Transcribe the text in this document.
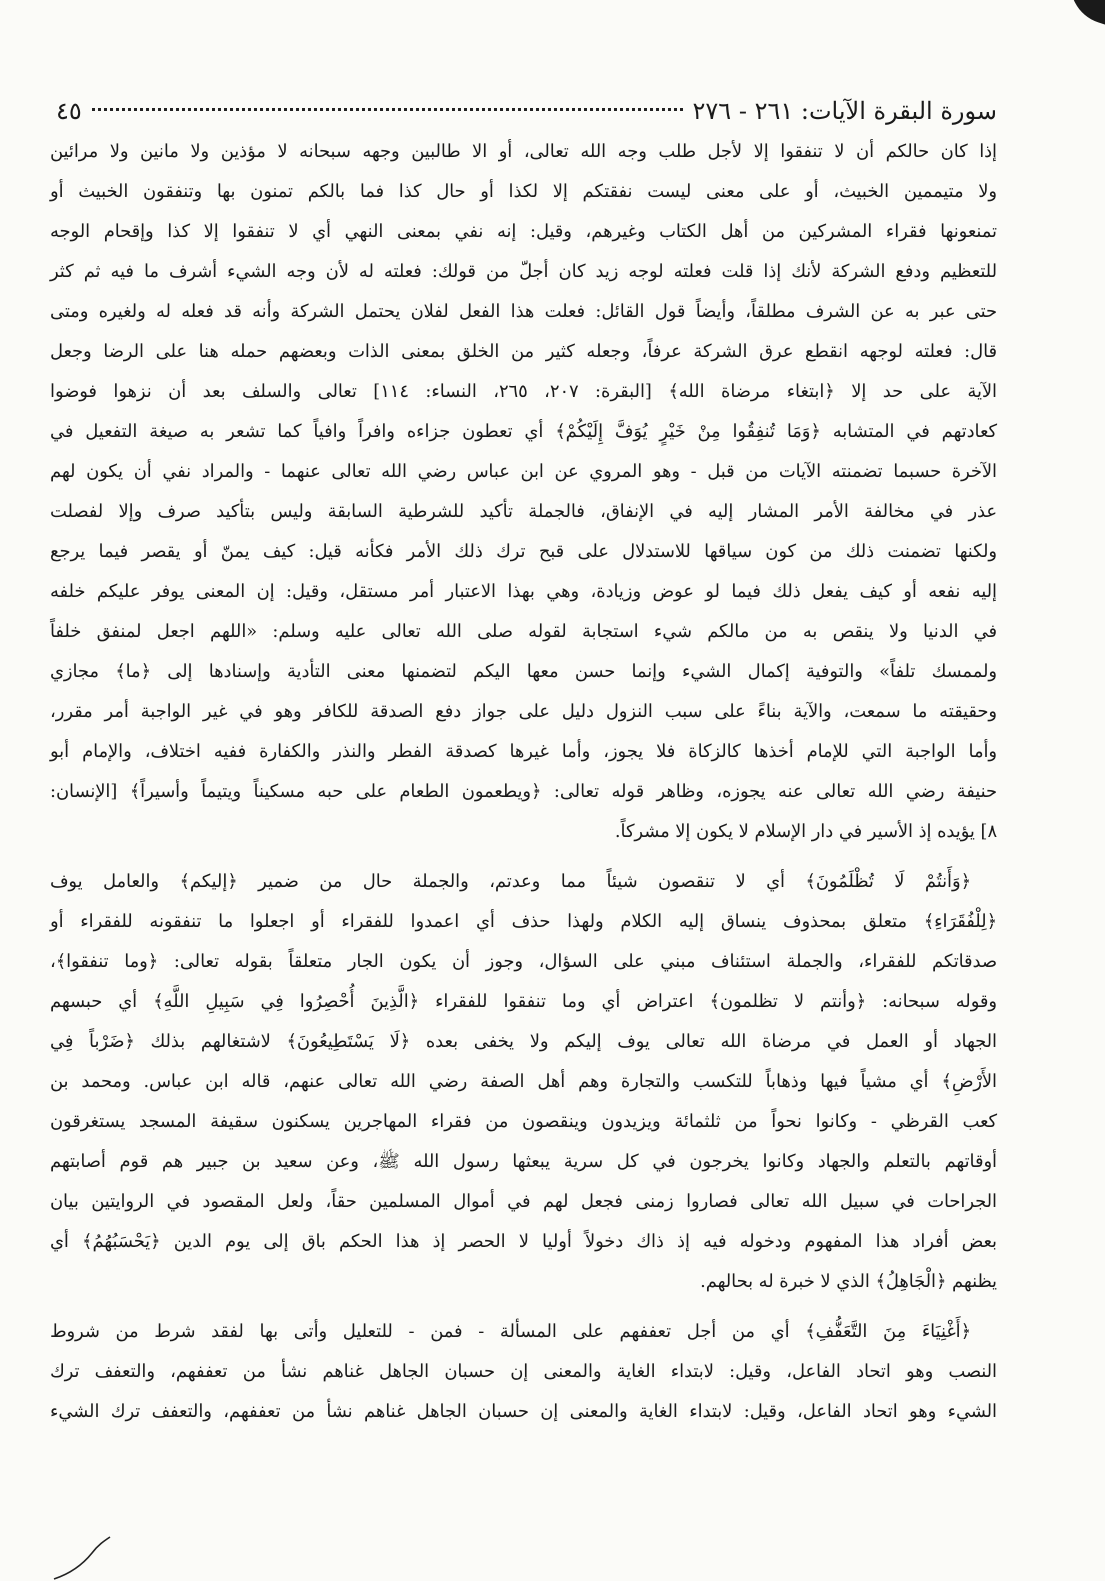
سورة البقرة الآيات: ٢٦١ - ٢٧٦
٤٥
إذا كان حالكم أن لا تنفقوا إلا لأجل طلب وجه الله تعالى، أو الا طالبين وجهه سبحانه لا مؤذين ولا مانين ولا مرائين
ولا متيممين الخبيث، أو على معنى ليست نفقتكم إلا لكذا أو حال كذا فما بالكم تمنون بها وتنفقون الخبيث أو
تمنعونها فقراء المشركين من أهل الكتاب وغيرهم، وقيل: إنه نفي بمعنى النهي أي لا تنفقوا إلا كذا وإقحام الوجه
للتعظيم ودفع الشركة لأنك إذا قلت فعلته لوجه زيد كان أجلّ من قولك: فعلته له لأن وجه الشيء أشرف ما فيه ثم كثر
حتى عبر به عن الشرف مطلقاً، وأيضاً قول القائل: فعلت هذا الفعل لفلان يحتمل الشركة وأنه قد فعله له ولغيره ومتى
قال: فعلته لوجهه انقطع عرق الشركة عرفاً، وجعله كثير من الخلق بمعنى الذات وبعضهم حمله هنا على الرضا وجعل
الآية على حد إلا ﴿ابتغاء مرضاة الله﴾ [البقرة: ٢٠٧، ٢٦٥، النساء: ١١٤] تعالى والسلف بعد أن نزهوا فوضوا
كعادتهم في المتشابه ﴿وَمَا تُنفِقُوا مِنْ خَيْرٍ يُوَفَّ إِلَيْكُمْ﴾ أي تعطون جزاءه وافراً وافياً كما تشعر به صيغة التفعيل في
الآخرة حسبما تضمنته الآيات من قبل - وهو المروي عن ابن عباس رضي الله تعالى عنهما - والمراد نفي أن يكون لهم
عذر في مخالفة الأمر المشار إليه في الإنفاق، فالجملة تأكيد للشرطية السابقة وليس بتأكيد صرف وإلا لفصلت
ولكنها تضمنت ذلك من كون سياقها للاستدلال على قبح ترك ذلك الأمر فكأنه قيل: كيف يمنّ أو يقصر فيما يرجع
إليه نفعه أو كيف يفعل ذلك فيما لو عوض وزيادة، وهي بهذا الاعتبار أمر مستقل، وقيل: إن المعنى يوفر عليكم خلفه
في الدنيا ولا ينقص به من مالكم شيء استجابة لقوله صلى الله تعالى عليه وسلم: «اللهم اجعل لمنفق خلفاً
ولممسك تلفاً» والتوفية إكمال الشيء وإنما حسن معها اليكم لتضمنها معنى التأدية وإسنادها إلى ﴿ما﴾ مجازي
وحقيقته ما سمعت، والآية بناءً على سبب النزول دليل على جواز دفع الصدقة للكافر وهو في غير الواجبة أمر مقرر،
وأما الواجبة التي للإمام أخذها كالزكاة فلا يجوز، وأما غيرها كصدقة الفطر والنذر والكفارة ففيه اختلاف، والإمام أبو
حنيفة رضي الله تعالى عنه يجوزه، وظاهر قوله تعالى: ﴿ويطعمون الطعام على حبه مسكيناً ويتيماً وأسيراً﴾ [الإنسان:
٨] يؤيده إذ الأسير في دار الإسلام لا يكون إلا مشركاً.
﴿وَأَنتُمْ لَا تُظْلَمُونَ﴾ أي لا تنقصون شيئاً مما وعدتم، والجملة حال من ضمير ﴿إليكم﴾ والعامل يوف
﴿لِلْفُقَرَاءِ﴾ متعلق بمحذوف ينساق إليه الكلام ولهذا حذف أي اعمدوا للفقراء أو اجعلوا ما تنفقونه للفقراء أو
صدقاتكم للفقراء، والجملة استئناف مبني على السؤال، وجوز أن يكون الجار متعلقاً بقوله تعالى: ﴿وما تنفقوا﴾،
وقوله سبحانه: ﴿وأنتم لا تظلمون﴾ اعتراض أي وما تنفقوا للفقراء ﴿الَّذِينَ أُحْصِرُوا فِي سَبِيلِ اللَّهِ﴾ أي حبسهم
الجهاد أو العمل في مرضاة الله تعالى يوف إليكم ولا يخفى بعده ﴿لَا يَسْتَطِيعُونَ﴾ لاشتغالهم بذلك ﴿ضَرْباً فِي
الأَرْضِ﴾ أي مشياً فيها وذهاباً للتكسب والتجارة وهم أهل الصفة رضي الله تعالى عنهم، قاله ابن عباس. ومحمد بن
كعب القرظي - وكانوا نحواً من ثلثمائة ويزيدون وينقصون من فقراء المهاجرين يسكنون سقيفة المسجد يستغرقون
أوقاتهم بالتعلم والجهاد وكانوا يخرجون في كل سرية يبعثها رسول الله ﷺ، وعن سعيد بن جبير هم قوم أصابتهم
الجراحات في سبيل الله تعالى فصاروا زمنى فجعل لهم في أموال المسلمين حقاً، ولعل المقصود في الروايتين بيان
بعض أفراد هذا المفهوم ودخوله فيه إذ ذاك دخولاً أوليا لا الحصر إذ هذا الحكم باق إلى يوم الدين ﴿يَحْسَبُهُمُ﴾ أي
يظنهم ﴿الْجَاهِلُ﴾ الذي لا خبرة له بحالهم.
﴿أَغْنِيَاءَ مِنَ التَّعَفُّفِ﴾ أي من أجل تعففهم على المسألة - فمن - للتعليل وأتى بها لفقد شرط من شروط
النصب وهو اتحاد الفاعل، وقيل: لابتداء الغاية والمعنى إن حسبان الجاهل غناهم نشأ من تعففهم، والتعفف ترك
الشيء وهو اتحاد الفاعل، وقيل: لابتداء الغاية والمعنى إن حسبان الجاهل غناهم نشأ من تعففهم، والتعفف ترك الشيء
